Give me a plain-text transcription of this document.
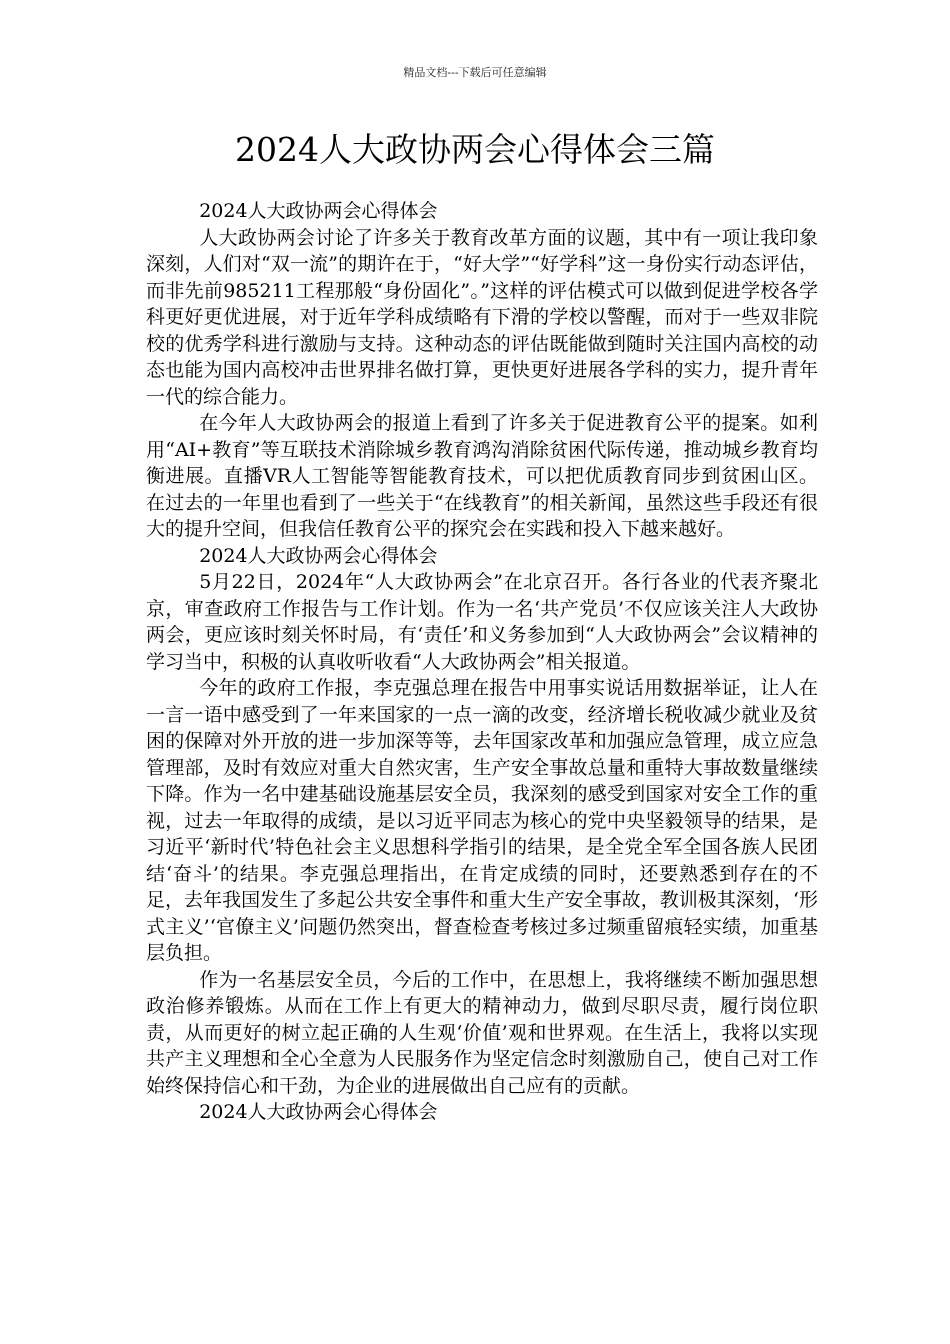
精品文档---下载后可任意编辑
2024人大政协两会心得体会三篇

2024人大政协两会心得体会

人大政协两会讨论了许多关于教育改革方面的议题，其中有一项让我印象深刻，人们对“双一流”的期许在于，“好大学”“好学科”这一身份实行动态评估，而非先前985211工程那般“身份固化”。”这样的评估模式可以做到促进学校各学科更好更优进展，对于近年学科成绩略有下滑的学校以警醒，而对于一些双非院校的优秀学科进行激励与支持。这种动态的评估既能做到随时关注国内高校的动态也能为国内高校冲击世界排名做打算，更快更好进展各学科的实力，提升青年一代的综合能力。

在今年人大政协两会的报道上看到了许多关于促进教育公平的提案。如利用“AI+教育”等互联技术消除城乡教育鸿沟消除贫困代际传递，推动城乡教育均衡进展。直播VR人工智能等智能教育技术，可以把优质教育同步到贫困山区。在过去的一年里也看到了一些关于“在线教育”的相关新闻，虽然这些手段还有很大的提升空间，但我信任教育公平的探究会在实践和投入下越来越好。

2024人大政协两会心得体会

5月22日，2024年“人大政协两会”在北京召开。各行各业的代表齐聚北京，审查政府工作报告与工作计划。作为一名‘共产党员’不仅应该关注人大政协两会，更应该时刻关怀时局，有‘责任’和义务参加到“人大政协两会”会议精神的学习当中，积极的认真收听收看“人大政协两会”相关报道。

今年的政府工作报，李克强总理在报告中用事实说话用数据举证，让人在一言一语中感受到了一年来国家的一点一滴的改变，经济增长税收减少就业及贫困的保障对外开放的进一步加深等等，去年国家改革和加强应急管理，成立应急管理部，及时有效应对重大自然灾害，生产安全事故总量和重特大事故数量继续下降。作为一名中建基础设施基层安全员，我深刻的感受到国家对安全工作的重视，过去一年取得的成绩，是以习近平同志为核心的党中央坚毅领导的结果，是习近平‘新时代’特色社会主义思想科学指引的结果，是全党全军全国各族人民团结‘奋斗’的结果。李克强总理指出，在肯定成绩的同时，还要熟悉到存在的不足，去年我国发生了多起公共安全事件和重大生产安全事故，教训极其深刻，‘形式主义’‘官僚主义’问题仍然突出，督查检查考核过多过频重留痕轻实绩，加重基层负担。

作为一名基层安全员，今后的工作中，在思想上，我将继续不断加强思想政治修养锻炼。从而在工作上有更大的精神动力，做到尽职尽责，履行岗位职责，从而更好的树立起正确的人生观‘价值’观和世界观。在生活上，我将以实现共产主义理想和全心全意为人民服务作为坚定信念时刻激励自己，使自己对工作始终保持信心和干劲，为企业的进展做出自己应有的贡献。

2024人大政协两会心得体会
